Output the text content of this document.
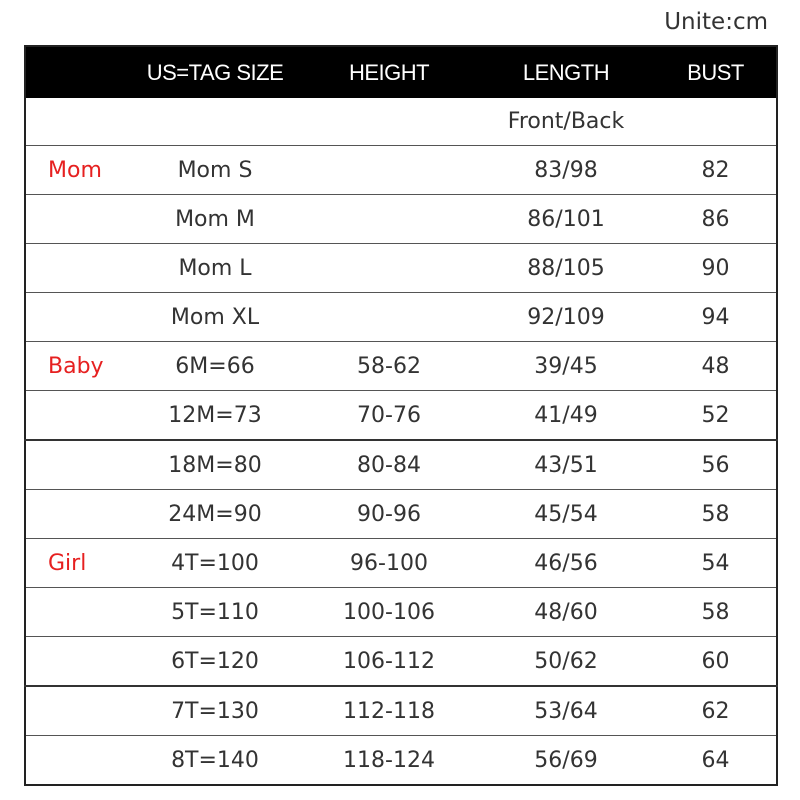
Unite:cm
	US=TAG SIZE	HEIGHT	LENGTH	BUST
			Front/Back	
Mom	Mom S		83/98	82
	Mom M		86/101	86
	Mom L		88/105	90
	Mom XL		92/109	94
Baby	6M=66	58-62	39/45	48
	12M=73	70-76	41/49	52
	18M=80	80-84	43/51	56
	24M=90	90-96	45/54	58
Girl	4T=100	96-100	46/56	54
	5T=110	100-106	48/60	58
	6T=120	106-112	50/62	60
	7T=130	112-118	53/64	62
	8T=140	118-124	56/69	64
